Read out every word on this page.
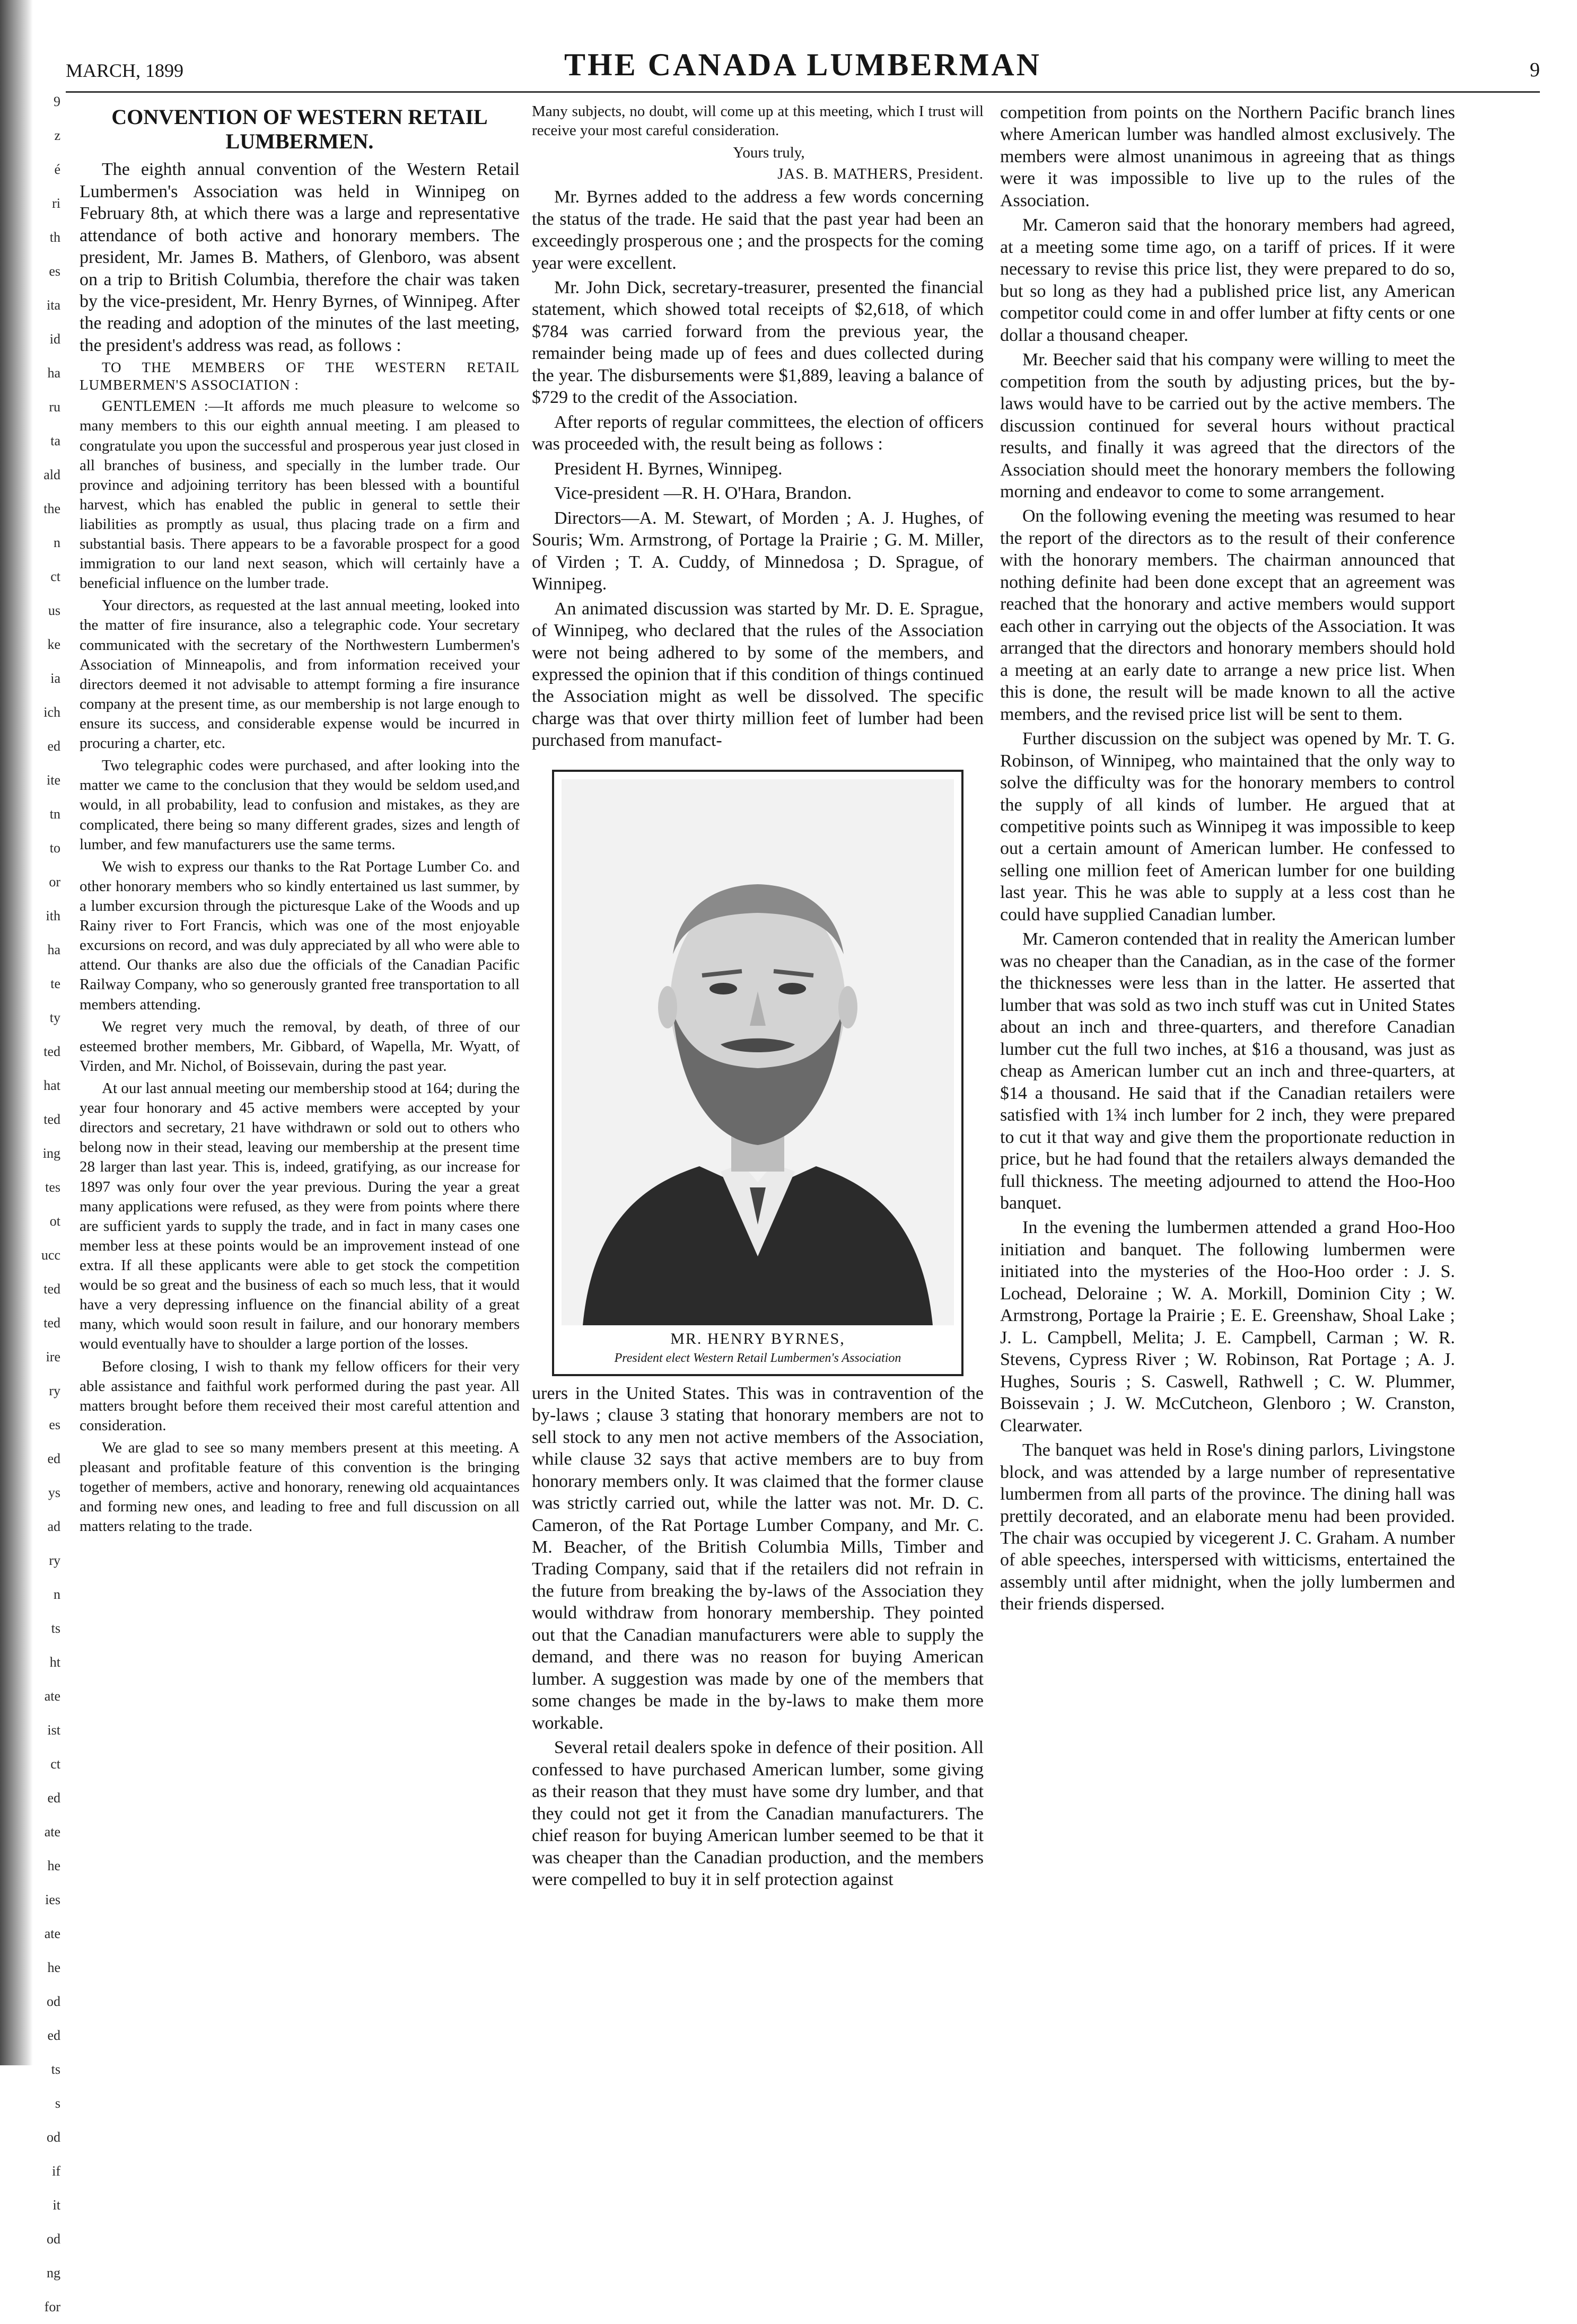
9
z
é
ri
th
es
ita
id
ha
ru
ta
ald
the
n
ct
us
ke
ia
ich
ed
ite
tn
to
or
ith
ha
te
ty
ted
hat
ted
ing
tes
ot
ucc
ted
ted
ire
ry
es
ed
ys
ad
ry
n
ts
ht
ate
ist
ct
ed
ate
he
ies
ate
he
od
ed
ts
s
od
if
it
od
ng
for
MARCH, 1899	THE CANADA LUMBERMAN	9
CONVENTION OF WESTERN RETAIL LUMBERMEN.

The eighth annual convention of the Western Retail Lumbermen's Association was held in Winnipeg on February 8th, at which there was a large and representative attendance of both active and honorary members. The president, Mr. James B. Mathers, of Glenboro, was absent on a trip to British Columbia, therefore the chair was taken by the vice-president, Mr. Henry Byrnes, of Winnipeg. After the reading and adoption of the minutes of the last meeting, the president's address was read, as follows :

TO THE MEMBERS OF THE WESTERN RETAIL LUMBERMEN'S ASSOCIATION :

GENTLEMEN :—It affords me much pleasure to welcome so many members to this our eighth annual meeting. I am pleased to congratulate you upon the successful and prosperous year just closed in all branches of business, and specially in the lumber trade. Our province and adjoining territory has been blessed with a bountiful harvest, which has enabled the public in general to settle their liabilities as promptly as usual, thus placing trade on a firm and substantial basis. There appears to be a favorable prospect for a good immigration to our land next season, which will certainly have a beneficial influence on the lumber trade.

Your directors, as requested at the last annual meeting, looked into the matter of fire insurance, also a telegraphic code. Your secretary communicated with the secretary of the Northwestern Lumbermen's Association of Minneapolis, and from information received your directors deemed it not advisable to attempt forming a fire insurance company at the present time, as our membership is not large enough to ensure its success, and considerable expense would be incurred in procuring a charter, etc.

Two telegraphic codes were purchased, and after looking into the matter we came to the conclusion that they would be seldom used,and would, in all probability, lead to confusion and mistakes, as they are complicated, there being so many different grades, sizes and length of lumber, and few manufacturers use the same terms.

We wish to express our thanks to the Rat Portage Lumber Co. and other honorary members who so kindly entertained us last summer, by a lumber excursion through the picturesque Lake of the Woods and up Rainy river to Fort Francis, which was one of the most enjoyable excursions on record, and was duly appreciated by all who were able to attend. Our thanks are also due the officials of the Canadian Pacific Railway Company, who so generously granted free transportation to all members attending.

We regret very much the removal, by death, of three of our esteemed brother members, Mr. Gibbard, of Wapella, Mr. Wyatt, of Virden, and Mr. Nichol, of Boissevain, during the past year.

At our last annual meeting our membership stood at 164; during the year four honorary and 45 active members were accepted by your directors and secretary, 21 have withdrawn or sold out to others who belong now in their stead, leaving our membership at the present time 28 larger than last year. This is, indeed, gratifying, as our increase for 1897 was only four over the year previous. During the year a great many applications were refused, as they were from points where there are sufficient yards to supply the trade, and in fact in many cases one member less at these points would be an improvement instead of one extra. If all these applicants were able to get stock the competition would be so great and the business of each so much less, that it would have a very depressing influence on the financial ability of a great many, which would soon result in failure, and our honorary members would eventually have to shoulder a large portion of the losses.

Before closing, I wish to thank my fellow officers for their very able assistance and faithful work performed during the past year. All matters brought before them received their most careful attention and consideration.

We are glad to see so many members present at this meeting. A pleasant and profitable feature of this convention is the bringing together of members, active and honorary, renewing old acquaintances and forming new ones, and leading to free and full discussion on all matters relating to the trade.

Many subjects, no doubt, will come up at this meeting, which I trust will receive your most careful consideration.

Yours truly,

JAS. B. MATHERS, President.

Mr. Byrnes added to the address a few words concerning the status of the trade. He said that the past year had been an exceedingly prosperous one ; and the prospects for the coming year were excellent.

Mr. John Dick, secretary-treasurer, presented the financial statement, which showed total receipts of $2,618, of which $784 was carried forward from the previous year, the remainder being made up of fees and dues collected during the year. The disbursements were $1,889, leaving a balance of $729 to the credit of the Association.

After reports of regular committees, the election of officers was proceeded with, the result being as follows :

President H. Byrnes, Winnipeg.

Vice-president —R. H. O'Hara, Brandon.

Directors—A. M. Stewart, of Morden ; A. J. Hughes, of Souris; Wm. Armstrong, of Portage la Prairie ; G. M. Miller, of Virden ; T. A. Cuddy, of Minnedosa ; D. Sprague, of Winnipeg.

An animated discussion was started by Mr. D. E. Sprague, of Winnipeg, who declared that the rules of the Association were not being adhered to by some of the members, and expressed the opinion that if this condition of things continued the Association might as well be dissolved. The specific charge was that over thirty million feet of lumber had been purchased from manufact-

MR. HENRY BYRNES,
President elect Western Retail Lumbermen's Association

urers in the United States. This was in contravention of the by-laws ; clause 3 stating that honorary members are not to sell stock to any men not active members of the Association, while clause 32 says that active members are to buy from honorary members only. It was claimed that the former clause was strictly carried out, while the latter was not. Mr. D. C. Cameron, of the Rat Portage Lumber Company, and Mr. C. M. Beacher, of the British Columbia Mills, Timber and Trading Company, said that if the retailers did not refrain in the future from breaking the by-laws of the Association they would withdraw from honorary membership. They pointed out that the Canadian manufacturers were able to supply the demand, and there was no reason for buying American lumber. A suggestion was made by one of the members that some changes be made in the by-laws to make them more workable.

Several retail dealers spoke in defence of their position. All confessed to have purchased American lumber, some giving as their reason that they must have some dry lumber, and that they could not get it from the Canadian manufacturers. The chief reason for buying American lumber seemed to be that it was cheaper than the Canadian production, and the members were compelled to buy it in self protection against

competition from points on the Northern Pacific branch lines where American lumber was handled almost exclusively. The members were almost unanimous in agreeing that as things were it was impossible to live up to the rules of the Association.

Mr. Cameron said that the honorary members had agreed, at a meeting some time ago, on a tariff of prices. If it were necessary to revise this price list, they were prepared to do so, but so long as they had a published price list, any American competitor could come in and offer lumber at fifty cents or one dollar a thousand cheaper.

Mr. Beecher said that his company were willing to meet the competition from the south by adjusting prices, but the by-laws would have to be carried out by the active members. The discussion continued for several hours without practical results, and finally it was agreed that the directors of the Association should meet the honorary members the following morning and endeavor to come to some arrangement.

On the following evening the meeting was resumed to hear the report of the directors as to the result of their conference with the honorary members. The chairman announced that nothing definite had been done except that an agreement was reached that the honorary and active members would support each other in carrying out the objects of the Association. It was arranged that the directors and honorary members should hold a meeting at an early date to arrange a new price list. When this is done, the result will be made known to all the active members, and the revised price list will be sent to them.

Further discussion on the subject was opened by Mr. T. G. Robinson, of Winnipeg, who maintained that the only way to solve the difficulty was for the honorary members to control the supply of all kinds of lumber. He argued that at competitive points such as Winnipeg it was impossible to keep out a certain amount of American lumber. He confessed to selling one million feet of American lumber for one building last year. This he was able to supply at a less cost than he could have supplied Canadian lumber.

Mr. Cameron contended that in reality the American lumber was no cheaper than the Canadian, as in the case of the former the thicknesses were less than in the latter. He asserted that lumber that was sold as two inch stuff was cut in United States about an inch and three-quarters, and therefore Canadian lumber cut the full two inches, at $16 a thousand, was just as cheap as American lumber cut an inch and three-quarters, at $14 a thousand. He said that if the Canadian retailers were satisfied with 1¾ inch lumber for 2 inch, they were prepared to cut it that way and give them the proportionate reduction in price, but he had found that the retailers always demanded the full thickness. The meeting adjourned to attend the Hoo-Hoo banquet.

In the evening the lumbermen attended a grand Hoo-Hoo initiation and banquet. The following lumbermen were initiated into the mysteries of the Hoo-Hoo order : J. S. Lochead, Deloraine ; W. A. Morkill, Dominion City ; W. Armstrong, Portage la Prairie ; E. E. Greenshaw, Shoal Lake ; J. L. Campbell, Melita; J. E. Campbell, Carman ; W. R. Stevens, Cypress River ; W. Robinson, Rat Portage ; A. J. Hughes, Souris ; S. Caswell, Rathwell ; C. W. Plummer, Boissevain ; J. W. McCutcheon, Glenboro ; W. Cranston, Clearwater.

The banquet was held in Rose's dining parlors, Livingstone block, and was attended by a large number of representative lumbermen from all parts of the province. The dining hall was prettily decorated, and an elaborate menu had been provided. The chair was occupied by vicegerent J. C. Graham. A number of able speeches, interspersed with witticisms, entertained the assembly until after midnight, when the jolly lumbermen and their friends dispersed.
